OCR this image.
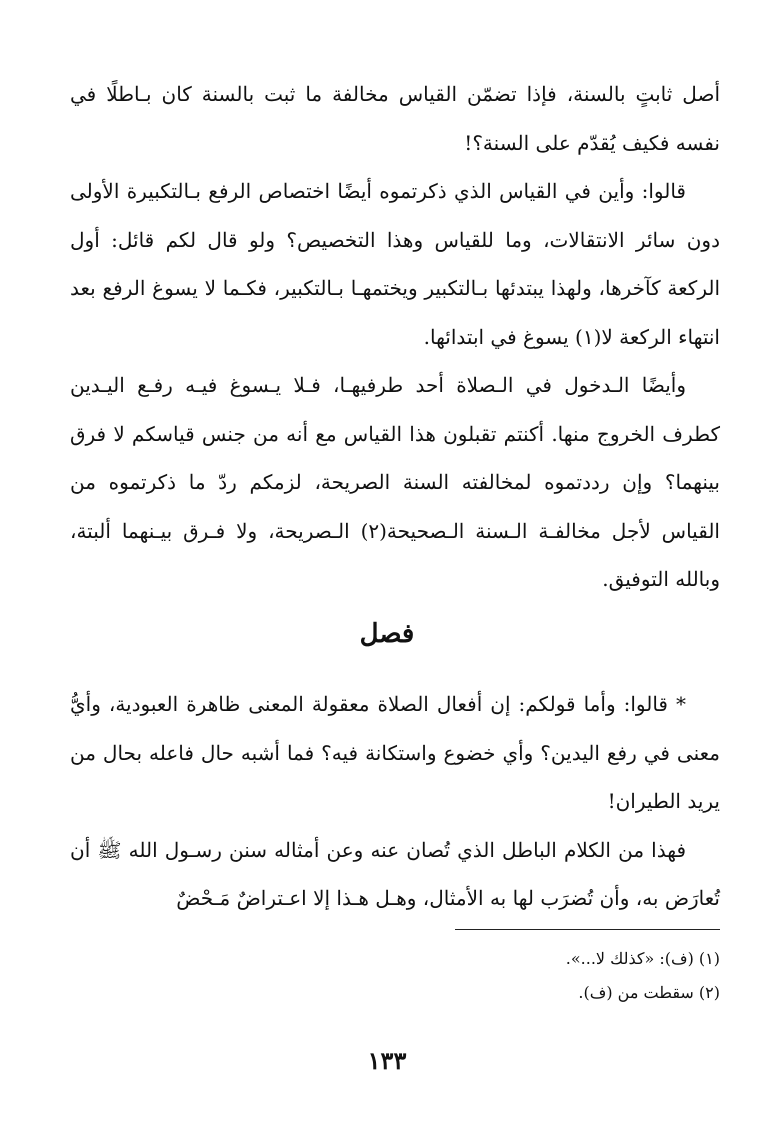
أصل ثابتٍ بالسنة، فإذا تضمّن القياس مخالفة ما ثبت بالسنة كان بـاطلًا في نفسه فكيف يُقدّم على السنة؟!

قالوا: وأين في القياس الذي ذكرتموه أيضًا اختصاص الرفع بـالتكبيرة الأولى دون سائر الانتقالات، وما للقياس وهذا التخصيص؟ ولو قال لكم قائل: أول الركعة كآخرها، ولهذا يبتدئها بـالتكبير ويختمهـا بـالتكبير، فكـما لا يسوغ الرفع بعد انتهاء الركعة لا(١) يسوغ في ابتدائها.

وأيضًا الـدخول في الـصلاة أحد طرفيهـا، فـلا يـسوغ فيـه رفـع اليـدين كطرف الخروج منها. أكنتم تقبلون هذا القياس مع أنه من جنس قياسكم لا فرق بينهما؟ وإن رددتموه لمخالفته السنة الصريحة، لزمكم ردّ ما ذكرتموه من القياس لأجل مخالفـة الـسنة الـصحيحة(٢) الـصريحة، ولا فـرق بيـنهما ألبتة، وبالله التوفيق.

فصل

* قالوا: وأما قولكم: إن أفعال الصلاة معقولة المعنى ظاهرة العبودية، وأيُّ معنى في رفع اليدين؟ وأي خضوع واستكانة فيه؟ فما أشبه حال فاعله بحال من يريد الطيران!

فهذا من الكلام الباطل الذي تُصان عنه وعن أمثاله سنن رسـول الله ﷺ أن تُعارَض به، وأن تُضرَب لها به الأمثال، وهـل هـذا إلا اعـتراضٌ مَـحْضٌ

(١) (ف): «كذلك لا...».
(٢) سقطت من (ف).
١٣٣
